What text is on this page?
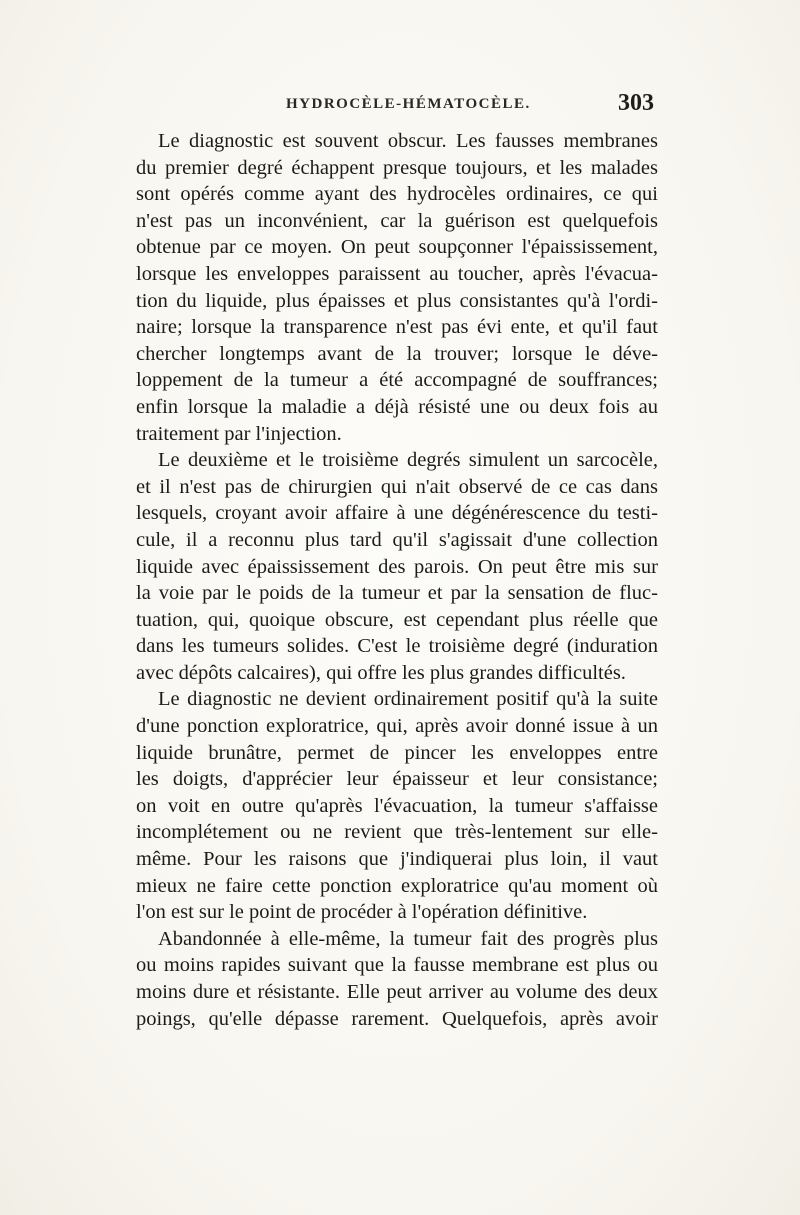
HYDROCÈLE-HÉMATOCÈLE.	303
Le diagnostic est souvent obscur. Les fausses membranes
du premier degré échappent presque toujours, et les malades
sont opérés comme ayant des hydrocèles ordinaires, ce qui
n'est pas un inconvénient, car la guérison est quelquefois
obtenue par ce moyen. On peut soupçonner l'épaississement,
lorsque les enveloppes paraissent au toucher, après l'évacua-
tion du liquide, plus épaisses et plus consistantes qu'à l'ordi-
naire; lorsque la transparence n'est pas évi ente, et qu'il faut
chercher longtemps avant de la trouver; lorsque le déve-
loppement de la tumeur a été accompagné de souffrances;
enfin lorsque la maladie a déjà résisté une ou deux fois au
traitement par l'injection.
Le deuxième et le troisième degrés simulent un sarcocèle,
et il n'est pas de chirurgien qui n'ait observé de ce cas dans
lesquels, croyant avoir affaire à une dégénérescence du testi-
cule, il a reconnu plus tard qu'il s'agissait d'une collection
liquide avec épaississement des parois. On peut être mis sur
la voie par le poids de la tumeur et par la sensation de fluc-
tuation, qui, quoique obscure, est cependant plus réelle que
dans les tumeurs solides. C'est le troisième degré (induration
avec dépôts calcaires), qui offre les plus grandes difficultés.
Le diagnostic ne devient ordinairement positif qu'à la suite
d'une ponction exploratrice, qui, après avoir donné issue à un
liquide brunâtre, permet de pincer les enveloppes entre
les doigts, d'apprécier leur épaisseur et leur consistance;
on voit en outre qu'après l'évacuation, la tumeur s'affaisse
incomplétement ou ne revient que très-lentement sur elle-
même. Pour les raisons que j'indiquerai plus loin, il vaut
mieux ne faire cette ponction exploratrice qu'au moment où
l'on est sur le point de procéder à l'opération définitive.
Abandonnée à elle-même, la tumeur fait des progrès plus
ou moins rapides suivant que la fausse membrane est plus ou
moins dure et résistante. Elle peut arriver au volume des deux
poings, qu'elle dépasse rarement. Quelquefois, après avoir
